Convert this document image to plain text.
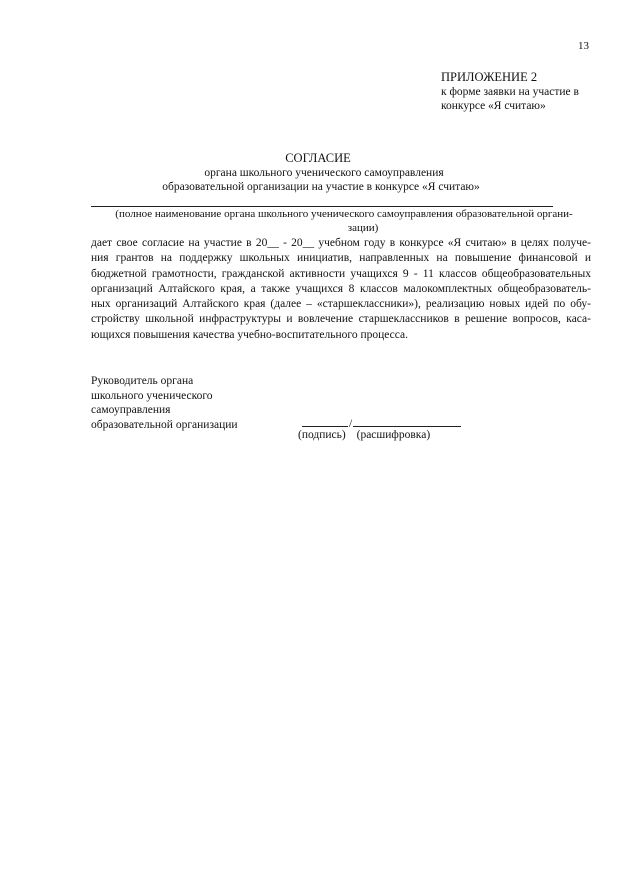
13
ПРИЛОЖЕНИЕ 2
к форме заявки на участие в
конкурсе «Я считаю»
СОГЛАСИЕ
органа школьного ученического самоуправления
образовательной организации на участие в конкурсе «Я считаю»
(полное наименование органа школьного ученического самоуправления образовательной органи-
зации)
дает свое согласие на участие в 20__ - 20__ учебном году в конкурсе «Я считаю» в целях получе-
ния грантов на поддержку школьных инициатив, направленных на повышение финансовой и
бюджетной грамотности, гражданской активности учащихся 9 - 11 классов общеобразовательных
организаций Алтайского края, а также учащихся 8 классов малокомплектных общеобразователь-
ных организаций Алтайского края (далее – «старшеклассники»), реализацию новых идей по обу-
стройству школьной инфраструктуры и вовлечение старшеклассников в решение вопросов, каса-
ющихся повышения качества учебно-воспитательного процесса.
Руководитель органа
школьного ученического
самоуправления
образовательной организации	/
(подпись) (расшифровка)
